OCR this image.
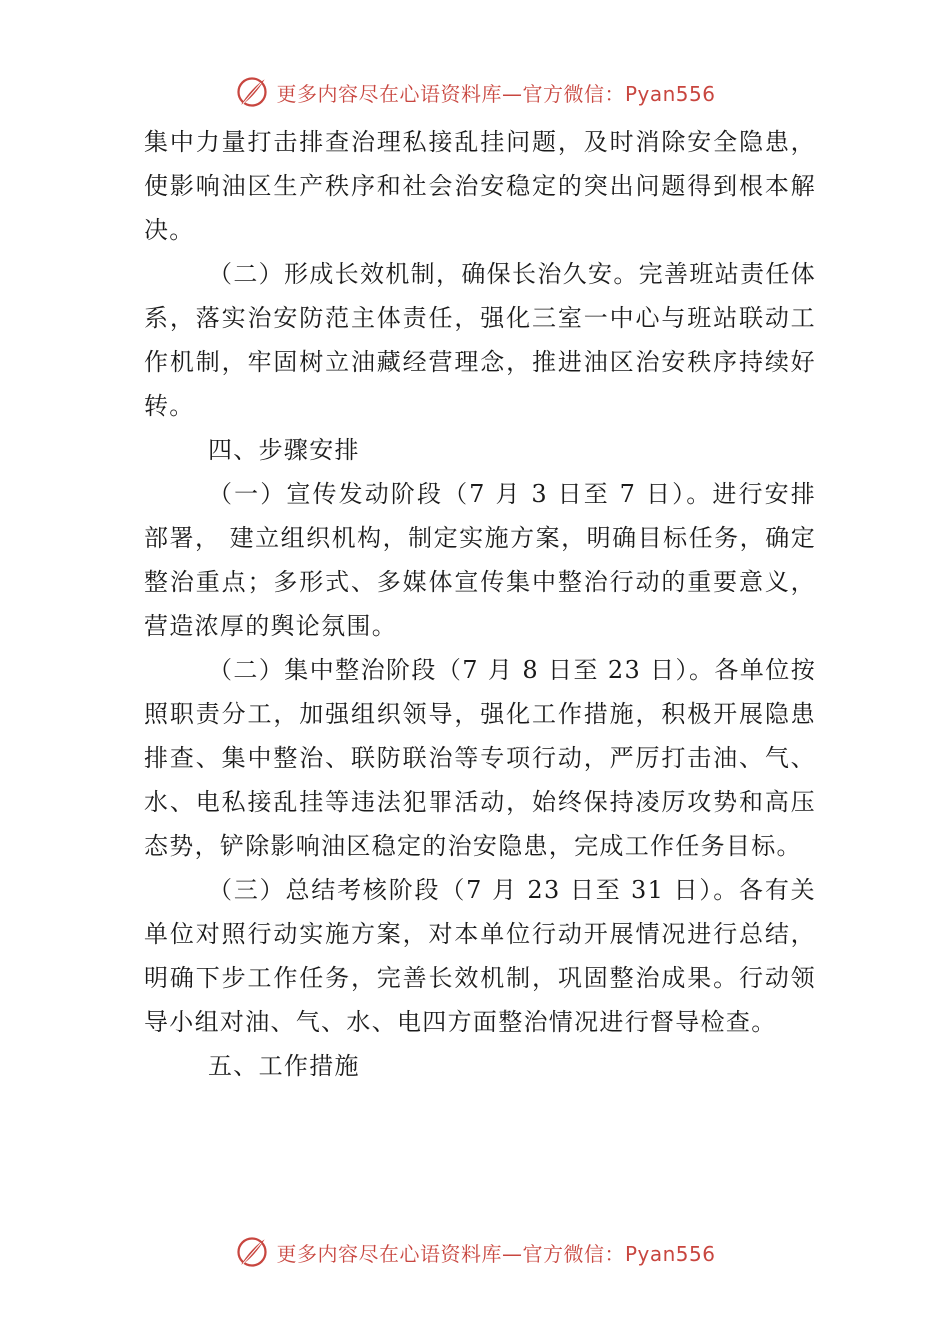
更多内容尽在心语资料库—官方微信：Pyan556

集中力量打击排查治理私接乱挂问题，及时消除安全隐患，使影响油区生产秩序和社会治安稳定的突出问题得到根本解决。

（二）形成长效机制，确保长治久安。完善班站责任体系，落实治安防范主体责任，强化三室一中心与班站联动工作机制，牢固树立油藏经营理念，推进油区治安秩序持续好转。

四、步骤安排

（一）宣传发动阶段（7 月 3 日至 7 日）。进行安排部署， 建立组织机构，制定实施方案，明确目标任务，确定整治重点；多形式、多媒体宣传集中整治行动的重要意义，营造浓厚的舆论氛围。

（二）集中整治阶段（7 月 8 日至 23 日）。各单位按照职责分工，加强组织领导，强化工作措施，积极开展隐患排查、集中整治、联防联治等专项行动，严厉打击油、气、水、电私接乱挂等违法犯罪活动，始终保持凌厉攻势和高压态势，铲除影响油区稳定的治安隐患，完成工作任务目标。

（三）总结考核阶段（7 月 23 日至 31 日）。各有关单位对照行动实施方案，对本单位行动开展情况进行总结，明确下步工作任务，完善长效机制，巩固整治成果。行动领导小组对油、气、水、电四方面整治情况进行督导检查。

五、工作措施

更多内容尽在心语资料库—官方微信：Pyan556
